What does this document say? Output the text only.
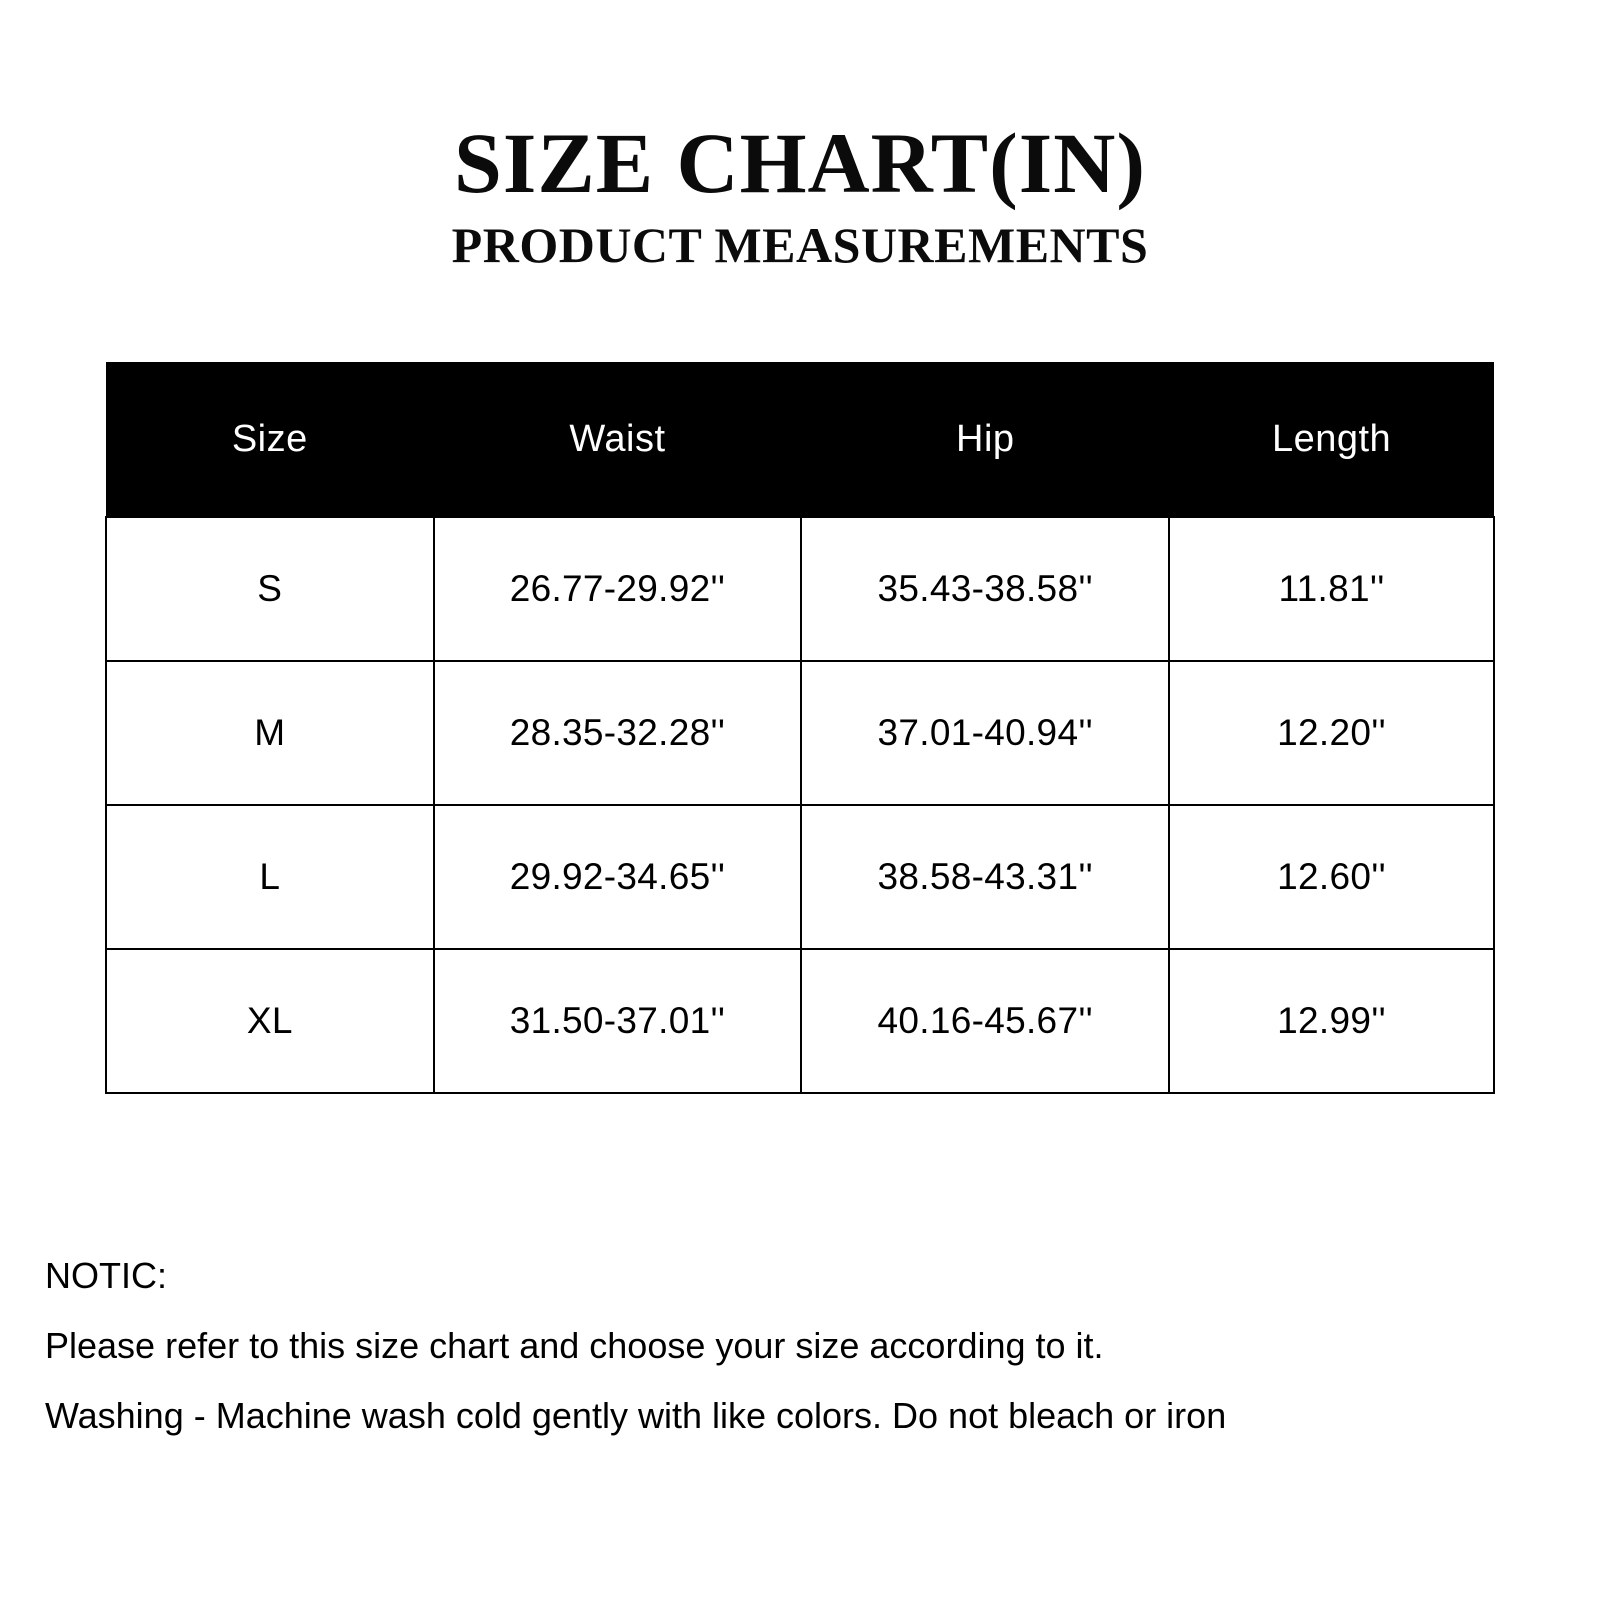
SIZE CHART(IN)
PRODUCT MEASUREMENTS
Size	Waist	Hip	Length
S	26.77-29.92''	35.43-38.58''	11.81''
M	28.35-32.28''	37.01-40.94''	12.20''
L	29.92-34.65''	38.58-43.31''	12.60''
XL	31.50-37.01''	40.16-45.67''	12.99''

NOTIC:

Please refer to this size chart and choose your size according to it.

Washing - Machine wash cold gently with like colors. Do not bleach or iron
